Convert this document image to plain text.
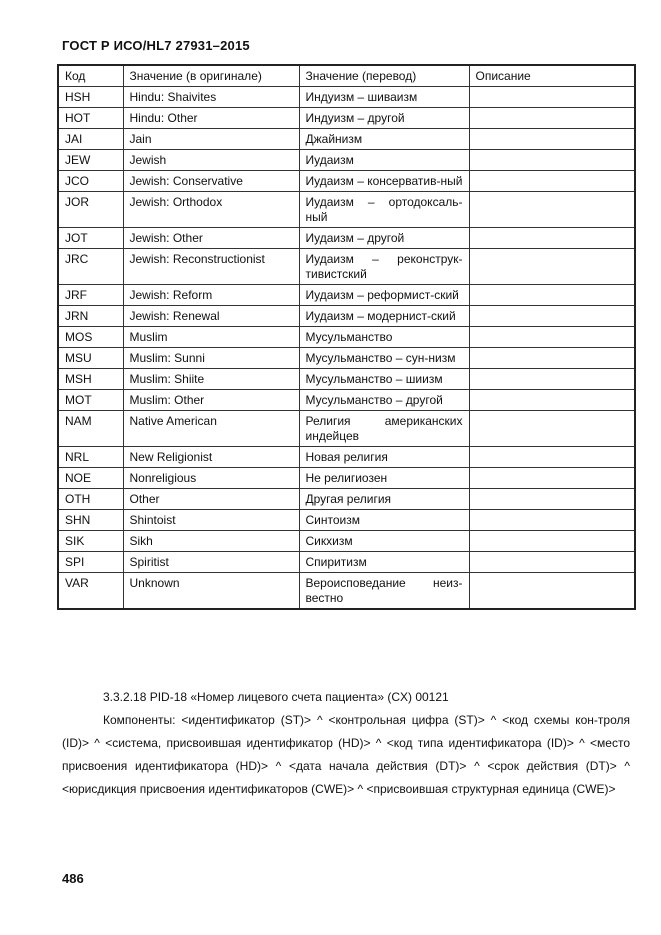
ГОСТ Р ИСО/HL7 27931–2015
Код	Значение (в оригинале)	Значение (перевод)	Описание
HSH	Hindu: Shaivites	Индуизм – шиваизм	
HOT	Hindu: Other	Индуизм – другой	
JAI	Jain	Джайнизм	
JEW	Jewish	Иудаизм	
JCO	Jewish: Conservative	Иудаизм – консерватив-ный	
JOR	Jewish: Orthodox	Иудаизм – ортодоксаль-ный	
JOT	Jewish: Other	Иудаизм – другой	
JRC	Jewish: Reconstructionist	Иудаизм – реконструк-тивистский	
JRF	Jewish: Reform	Иудаизм – реформист-ский	
JRN	Jewish: Renewal	Иудаизм – модернист-ский	
MOS	Muslim	Мусульманство	
MSU	Muslim: Sunni	Мусульманство – сун-низм	
MSH	Muslim: Shiite	Мусульманство – шиизм	
MOT	Muslim: Other	Мусульманство – другой	
NAM	Native American	Религия американских индейцев	
NRL	New Religionist	Новая религия	
NOE	Nonreligious	Не религиозен	
OTH	Other	Другая религия	
SHN	Shintoist	Синтоизм	
SIK	Sikh	Сикхизм	
SPI	Spiritist	Спиритизм	
VAR	Unknown	Вероисповедание неиз-вестно	
3.3.2.18 PID-18 «Номер лицевого счета пациента» (CX) 00121
Компоненты: <идентификатор (ST)> ^ <контрольная цифра (ST)> ^ <код схемы кон-троля (ID)> ^ <система, присвоившая идентификатор (HD)> ^ <код типа идентификатора (ID)> ^ <место присвоения идентификатора (HD)> ^ <дата начала действия (DT)> ^ <срок действия (DT)> ^ <юрисдикция присвоения идентификаторов (CWE)> ^ <присвоившая структурная единица (CWE)>
486
